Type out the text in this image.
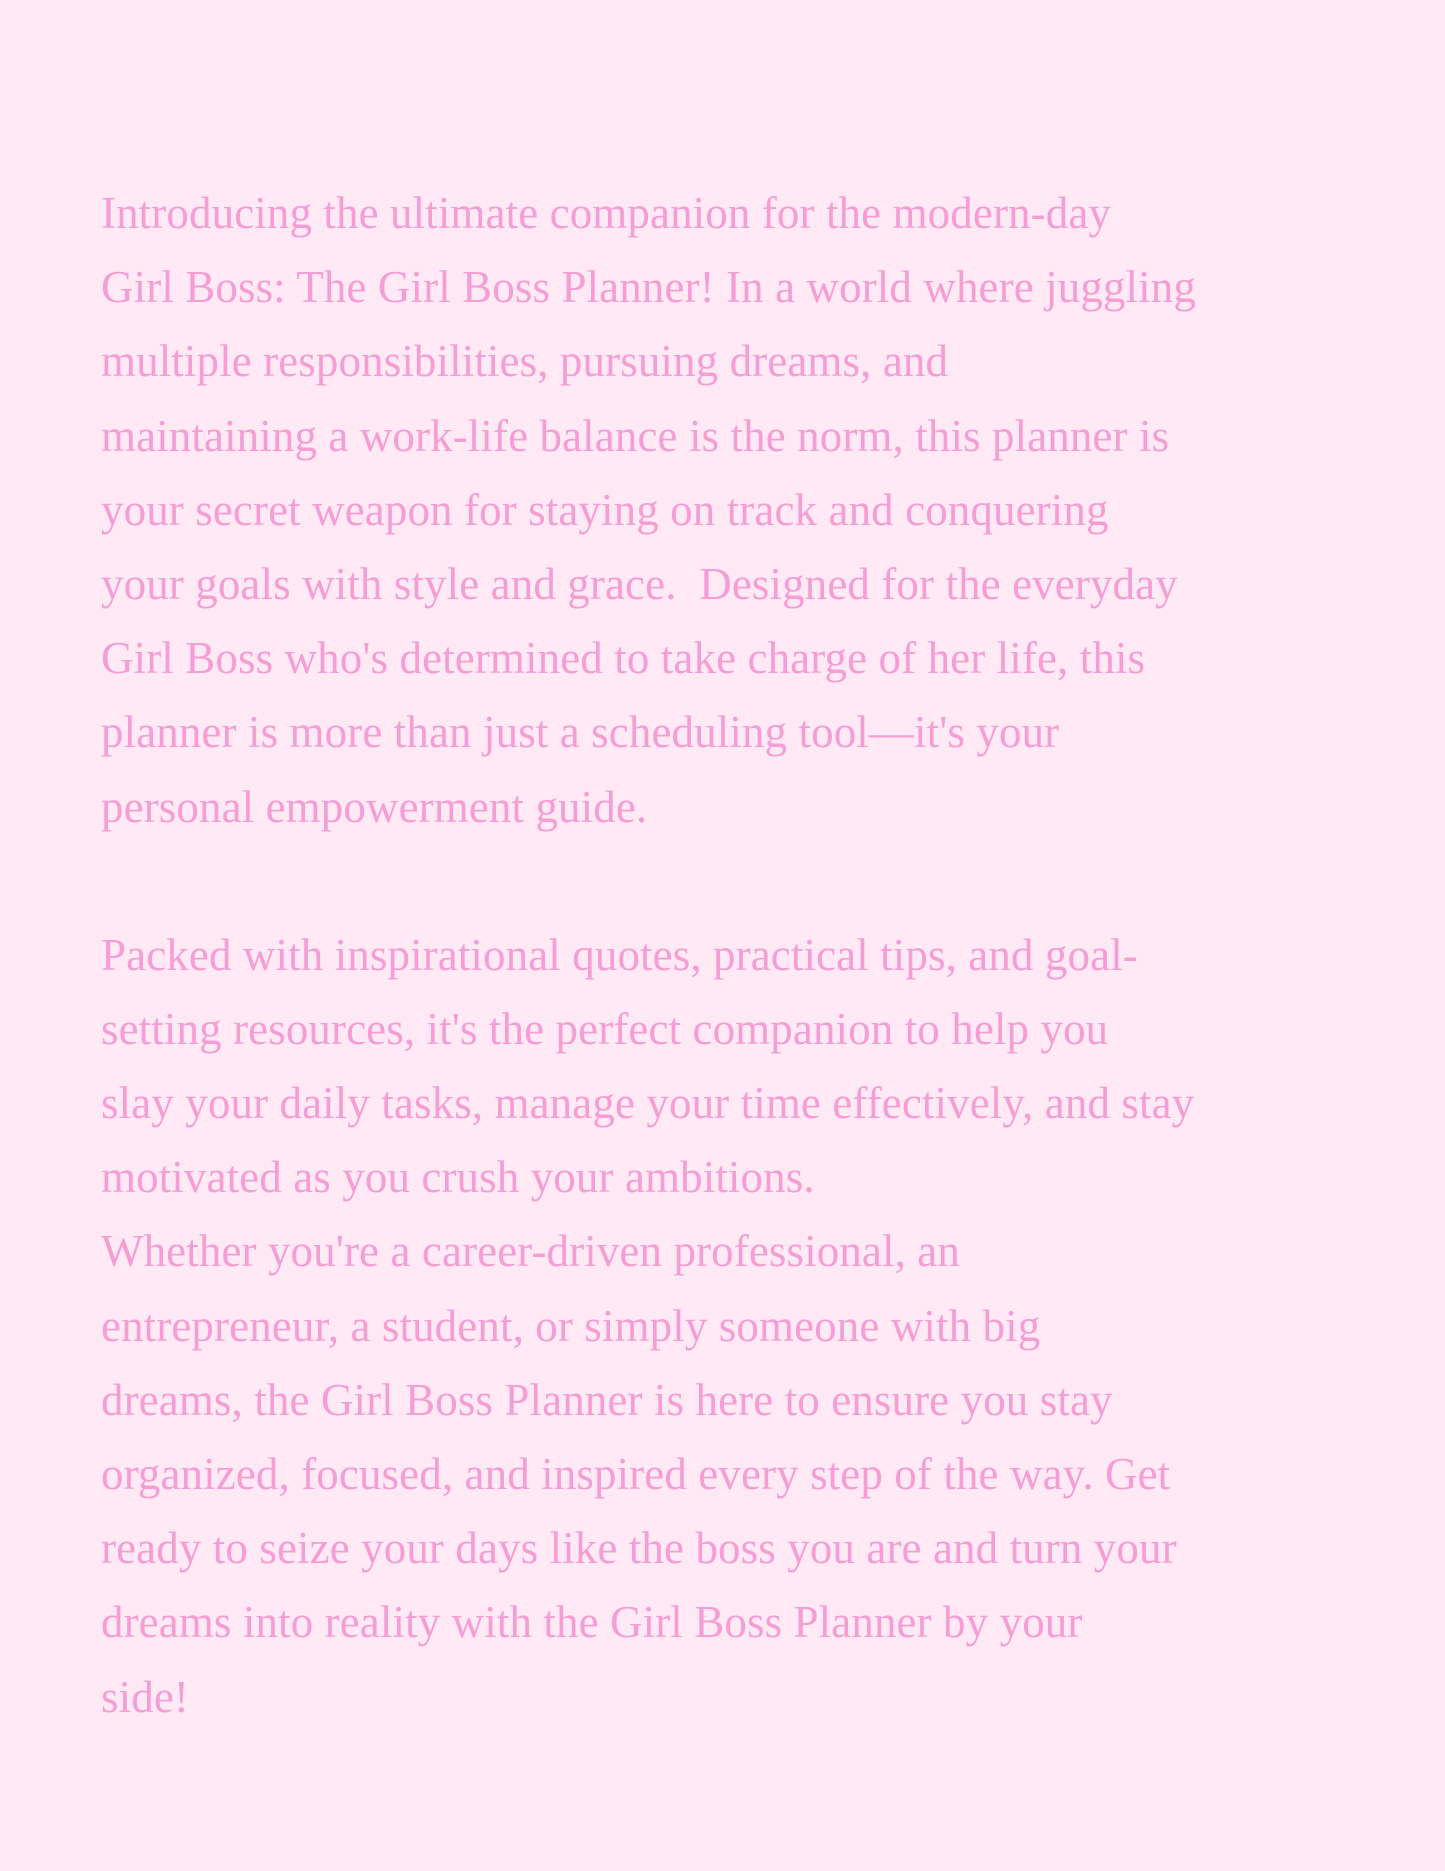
Introducing the ultimate companion for the modern-day
Girl Boss: The Girl Boss Planner! In a world where juggling
multiple responsibilities, pursuing dreams, and
maintaining a work-life balance is the norm, this planner is
your secret weapon for staying on track and conquering
your goals with style and grace.  Designed for the everyday
Girl Boss who's determined to take charge of her life, this
planner is more than just a scheduling tool—it's your
personal empowerment guide.

Packed with inspirational quotes, practical tips, and goal-
setting resources, it's the perfect companion to help you
slay your daily tasks, manage your time effectively, and stay
motivated as you crush your ambitions.
Whether you're a career-driven professional, an
entrepreneur, a student, or simply someone with big
dreams, the Girl Boss Planner is here to ensure you stay
organized, focused, and inspired every step of the way. Get
ready to seize your days like the boss you are and turn your
dreams into reality with the Girl Boss Planner by your
side!
